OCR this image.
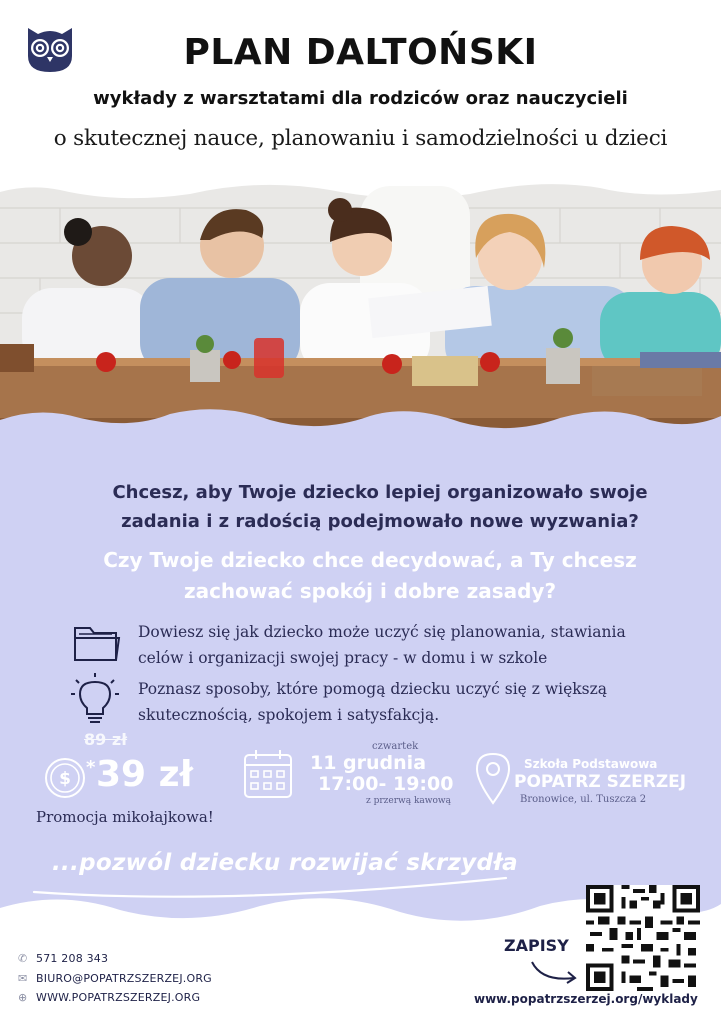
PLAN DALTOŃSKI
wykłady z warsztatami dla rodziców oraz nauczycieli
o skutecznej nauce, planowaniu i samodzielności u dzieci
Chcesz, aby Twoje dziecko lepiej organizowało swoje
zadania i z radością podejmowało nowe wyzwania?
Czy Twoje dziecko chce decydować, a Ty chcesz
zachować spokój i dobre zasady?
Dowiesz się jak dziecko może uczyć się planowania, stawiania
celów i organizacji swojej pracy - w domu i w szkole
Poznasz sposoby, które pomogą dziecku uczyć się z większą
skutecznością, spokojem i satysfakcją.
$
89 zł
* 39 zł
Promocja mikołajkowa!
czwartek
11 grudnia
17:00- 19:00
z przerwą kawową
Szkoła Podstawowa
POPATRZ SZERZEJ
Bronowice, ul. Tuszcza 2
...pozwól dziecku rozwijać skrzydła
✆ 571 208 343
✉ BIURO@POPATRZSZERZEJ.ORG
⊕ WWW.POPATRZSZERZEJ.ORG
ZAPISY
www.popatrzszerzej.org/wyklady
